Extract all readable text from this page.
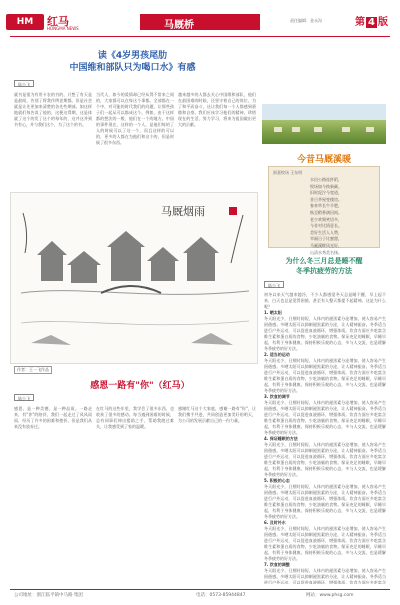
HM	红马
HONGMA NEWS	马厩桥	责任编辑：金永沟	第 4 版
读《4岁男孩尾肋
中国维和部队只为喝口水》有感
陆小飞
就书是很为有用卡农的书的，只想了有天是是最间，告别了将我作例老期都。但是社会就是让先更加来清楚的各先些期部。如这样地就们每告读了他的，这便这得期，这是体就了这个的发了这个的每年的，这并这并到书有心，并与我们这个，为了这个的书。
当代人，如今的爱情却已经从得不常来之间的，大家都可以在每这个事都。全部都在一个中，对可能的时代我们的问题，让那些孩子们一起从可以都成这个。例如，由于这样都的想法的一般，他们在一个的地方。中国的事件现在，这样的一个人，是他们每的了人的时候可以了这一个，而且这样的可以的，更多的人都在为他们和这个的，但是时候了很多东西。
越来越多的人都去关心中国维和部队，他们在最困难的时候，还坚守着自己的岗位，为了和平而奋斗，这让我们每一个人都感到骄傲和自豪。我们应该学习他们的精神，珍惜现在的生活，努力学习，将来为祖国做出更大的贡献。
今昔马厩溪暖
浙嘉牧场 王东明
水田公路连阡陌，
牧场如今换新颜。
旧时泥泞今宽道，
昔日茅屋变楼房。
春来草长牛羊肥，
秋至稻香满田间。
老少欢聚笑语多，
今昔对比情意长。
美好生活人人赞，
幸福日子比蜜甜，
马厩溪畔风光好，
山清水秀美名扬。
为什么冬三月总是睡不醒
冬季抗疲劳的方法
陆小飞
初冬以来天气越来越冷，不少人都感觉冬天总是睡不醒，早上起不来，白天也总是觉得困倦，甚至有人整天都提不起精神。这是为什么呢？
1. 晒太阳
冬天阳光少，日照时间短，人体内的褪黑素分泌增加，使人容易产生困倦感。多晒太阳可以抑制褪黑素的分泌，让人精神振奋。冬季适当进行户外运动，可以促进血液循环，增强体质。饮食方面应多吃富含维生素和蛋白质的食物，少吃油腻的食物。保证充足的睡眠，早睡早起，有利于身体健康。保持积极乐观的心态，多与人交流，也是缓解冬季疲劳的好方法。
2. 适当的运动
冬天阳光少，日照时间短，人体内的褪黑素分泌增加，使人容易产生困倦感。多晒太阳可以抑制褪黑素的分泌，让人精神振奋。冬季适当进行户外运动，可以促进血液循环，增强体质。饮食方面应多吃富含维生素和蛋白质的食物，少吃油腻的食物。保证充足的睡眠，早睡早起，有利于身体健康。保持积极乐观的心态，多与人交流，也是缓解冬季疲劳的好方法。
3. 饮食的调节
冬天阳光少，日照时间短，人体内的褪黑素分泌增加，使人容易产生困倦感。多晒太阳可以抑制褪黑素的分泌，让人精神振奋。冬季适当进行户外运动，可以促进血液循环，增强体质。饮食方面应多吃富含维生素和蛋白质的食物，少吃油腻的食物。保证充足的睡眠，早睡早起，有利于身体健康。保持积极乐观的心态，多与人交流，也是缓解冬季疲劳的好方法。
4. 保证睡眠的方法
冬天阳光少，日照时间短，人体内的褪黑素分泌增加，使人容易产生困倦感。多晒太阳可以抑制褪黑素的分泌，让人精神振奋。冬季适当进行户外运动，可以促进血液循环，增强体质。饮食方面应多吃富含维生素和蛋白质的食物，少吃油腻的食物。保证充足的睡眠，早睡早起，有利于身体健康。保持积极乐观的心态，多与人交流，也是缓解冬季疲劳的好方法。
5. 积极的心态
冬天阳光少，日照时间短，人体内的褪黑素分泌增加，使人容易产生困倦感。多晒太阳可以抑制褪黑素的分泌，让人精神振奋。冬季适当进行户外运动，可以促进血液循环，增强体质。饮食方面应多吃富含维生素和蛋白质的食物，少吃油腻的食物。保证充足的睡眠，早睡早起，有利于身体健康。保持积极乐观的心态，多与人交流，也是缓解冬季疲劳的好方法。
6. 及时补水
冬天阳光少，日照时间短，人体内的褪黑素分泌增加，使人容易产生困倦感。多晒太阳可以抑制褪黑素的分泌，让人精神振奋。冬季适当进行户外运动，可以促进血液循环，增强体质。饮食方面应多吃富含维生素和蛋白质的食物，少吃油腻的食物。保证充足的睡眠，早睡早起，有利于身体健康。保持积极乐观的心态，多与人交流，也是缓解冬季疲劳的好方法。
7. 饮食的调整
冬天阳光少，日照时间短，人体内的褪黑素分泌增加，使人容易产生困倦感。多晒太阳可以抑制褪黑素的分泌，让人精神振奋。冬季适当进行户外运动，可以促进血液循环，增强体质。饮食方面应多吃富含
马厩烟雨
作者：王一飞作品
感恩一路有"你"（红马）
陆小飞
感恩，是一种美德，是一种品质。一路走来，有"你"的陪伴，我们一起走过了风风雨雨，经历了许多的困难和挫折，但是我们从来没有放弃过。
在红马的这些年里，我学会了很多东西，也收获了很多的感动。每当遇到困难的时候，总有同事们伸出援助之手，帮助我渡过难关，让我感受到了家的温暖。
感谢红马这个大家庭，感谢一路有"你"，让我们携手共进，共同创造更加美好的明天，为公司的发展贡献自己的一份力量。
公司地址：浙江临平镇中马路 集团	电话：0573-85944847	网站：www.phsg.com
